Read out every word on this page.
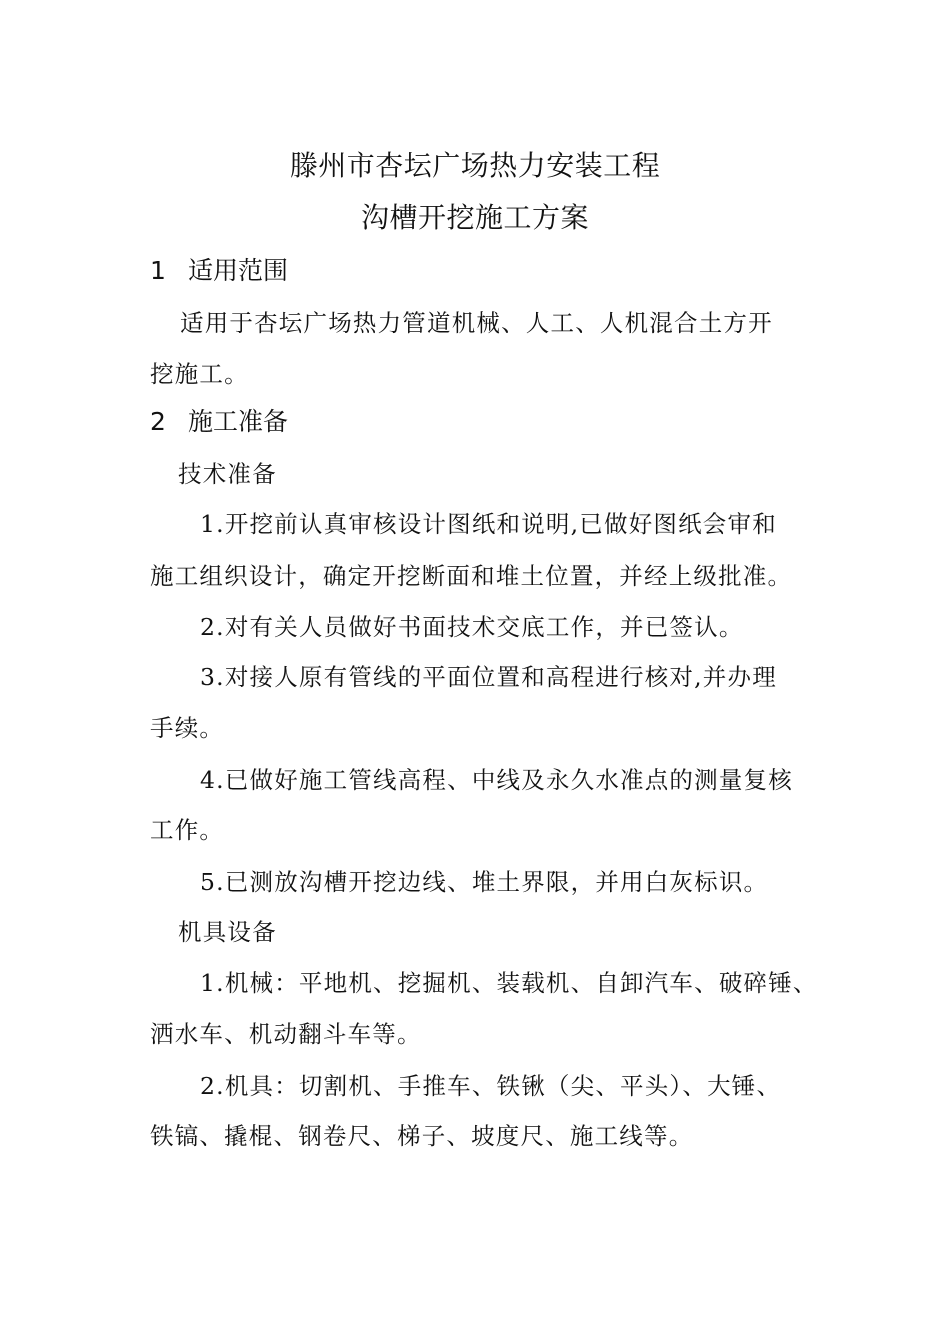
滕州市杏坛广场热力安装工程
沟槽开挖施工方案
1 适用范围
适用于杏坛广场热力管道机械、人工、人机混合土方开
挖施工。
2 施工准备
技术准备
1.开挖前认真审核设计图纸和说明,已做好图纸会审和
施工组织设计，确定开挖断面和堆土位置，并经上级批准。
2.对有关人员做好书面技术交底工作，并已签认。
3.对接人原有管线的平面位置和高程进行核对,并办理
手续。
4.已做好施工管线高程、中线及永久水准点的测量复核
工作。
5.已测放沟槽开挖边线、堆土界限，并用白灰标识。
机具设备
1.机械：平地机、挖掘机、装载机、自卸汽车、破碎锤、
洒水车、机动翻斗车等。
2.机具：切割机、手推车、铁锹（尖、平头）、大锤、
铁镐、撬棍、钢卷尺、梯子、坡度尺、施工线等。
